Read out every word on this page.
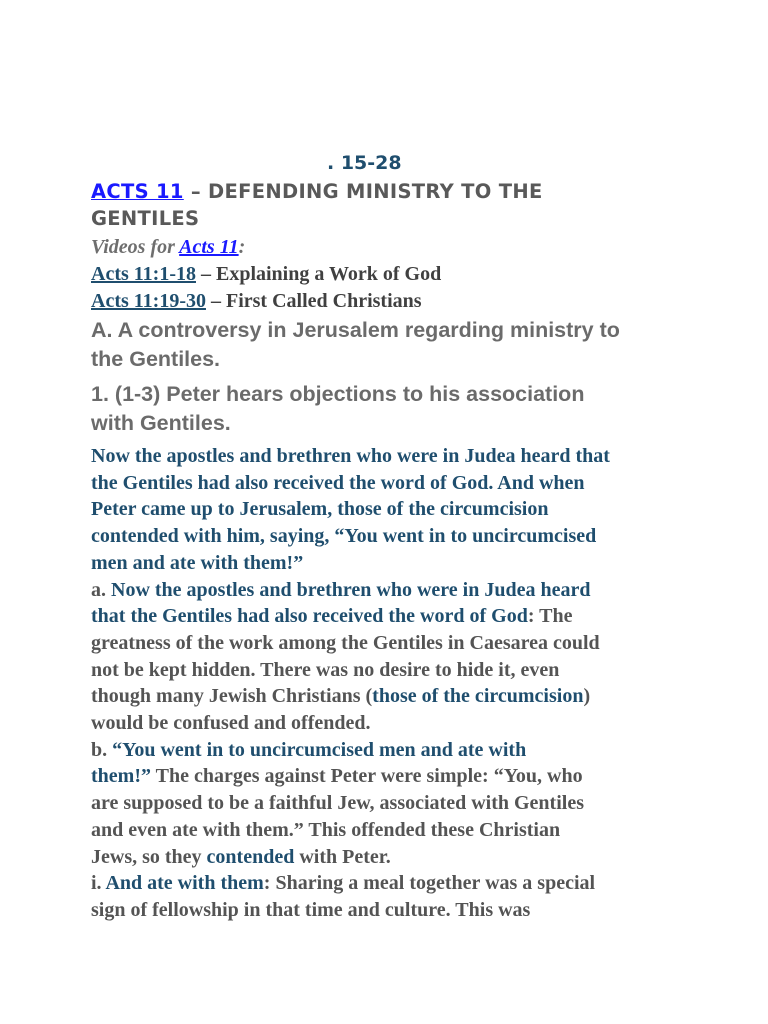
. 15-28
ACTS 11 – DEFENDING MINISTRY TO THE
GENTILES
Videos for Acts 11:
Acts 11:1-18 – Explaining a Work of God
Acts 11:19-30 – First Called Christians
A. A controversy in Jerusalem regarding ministry to
the Gentiles.
1. (1-3) Peter hears objections to his association
with Gentiles.
Now the apostles and brethren who were in Judea heard that
the Gentiles had also received the word of God. And when
Peter came up to Jerusalem, those of the circumcision
contended with him, saying, “You went in to uncircumcised
men and ate with them!”
a. Now the apostles and brethren who were in Judea heard
that the Gentiles had also received the word of God: The
greatness of the work among the Gentiles in Caesarea could
not be kept hidden. There was no desire to hide it, even
though many Jewish Christians (those of the circumcision)
would be confused and offended.
b. “You went in to uncircumcised men and ate with
them!” The charges against Peter were simple: “You, who
are supposed to be a faithful Jew, associated with Gentiles
and even ate with them.” This offended these Christian
Jews, so they contended with Peter.
i. And ate with them: Sharing a meal together was a special
sign of fellowship in that time and culture. This was
